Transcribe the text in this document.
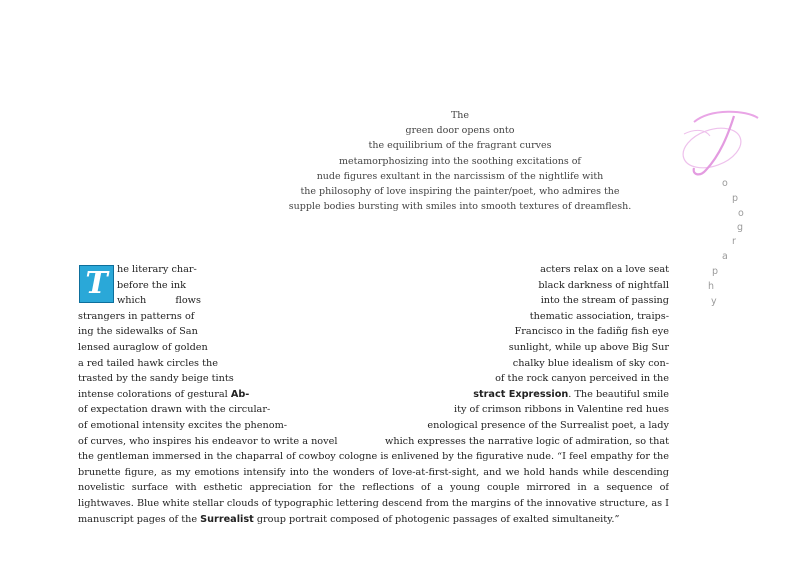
The
green door opens onto
the equilibrium of the fragrant curves
metamorphosizing into the soothing excitations of
nude figures exultant in the narcissism of the nightlife with
the philosophy of love inspiring the painter/poet, who admires the
supple bodies bursting with smiles into smooth textures of dreamflesh.
o
p
o
g
r
a
p
h
y
T he literary char-
before the ink
which flows
strangers in patterns of
ing the sidewalks of San
lensed auraglow of golden
a red tailed hawk circles the
trasted by the sandy beige tints
intense colorations of gestural Ab-
of expectation drawn with the circular-
of emotional intensity excites the phenom-
of curves, who inspires his endeavor to write a novel
acters relax on a love seat
black darkness of nightfall
into the stream of passing
thematic association, traips-
Francisco in the fadiñg fish eye
sunlight, while up above Big Sur
chalky blue idealism of sky con-
of the rock canyon perceived in the
stract Expression. The beautiful smile
ity of crimson ribbons in Valentine red hues
enological presence of the Surrealist poet, a lady
which expresses the narrative logic of admiration, so that
the gentleman immersed in the chaparral of cowboy cologne is enlivened by the figurative nude. “I feel empathy for the
brunette figure, as my emotions intensify into the wonders of love-at-first-sight, and we hold hands while descending
novelistic surface with esthetic appreciation for the reflections of a young couple mirrored in a sequence of
lightwaves. Blue white stellar clouds of typographic lettering descend from the margins of the innovative structure, as I
manuscript pages of the Surrealist group portrait composed of photogenic passages of exalted simultaneity.”
